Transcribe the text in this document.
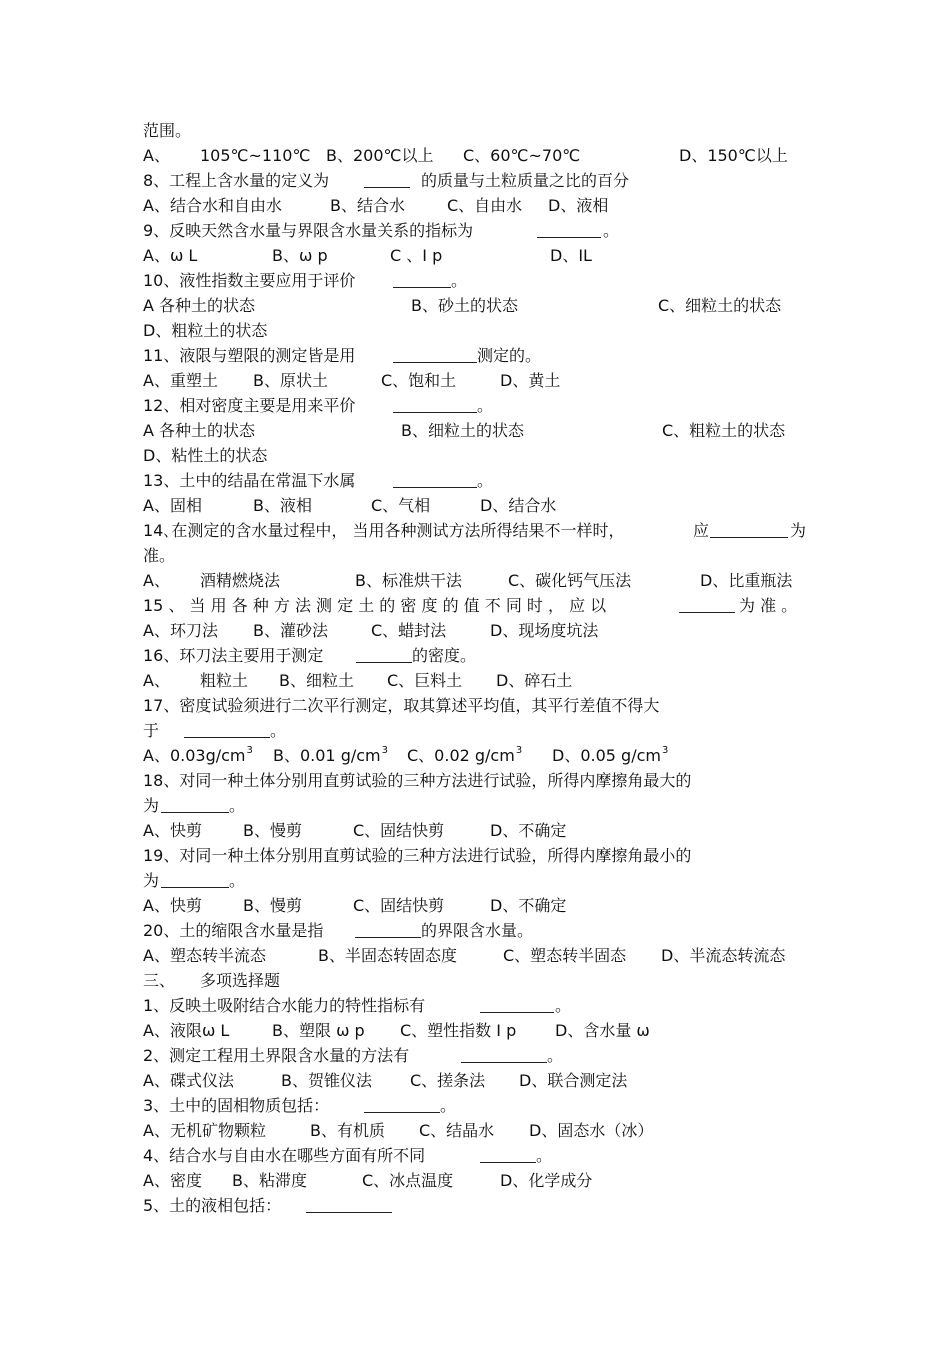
范围。
A、 105℃~110℃ B、200℃以上 C、60℃~70℃	D、150℃以上
8、工程上含水量的定义为	的质量与土粒质量之比的百分
A、结合水和自由水	B、结合水	C、自由水 D、液相
9、反映天然含水量与界限含水量关系的指标为	。
A、ω L	B、ω p	C 、I p	D、IL
10、液性指数主要应用于评价	。
A 各种土的状态	B、砂土的状态	C、细粒土的状态
D、粗粒土的状态
11、液限与塑限的测定皆是用	测定的。
A、重塑土 B、原状土	C、饱和土	D、黄土
12、相对密度主要是用来平价	。
A 各种土的状态	B、细粒土的状态	C、粗粒土的状态
D、粘性土的状态
13、土中的结晶在常温下水属	。
A、固相	B、液相	C、气相	D、结合水
14､在测定的含水量过程中， 当用各种测试方法所得结果不一样时，	应	为
准。
A、 酒精燃烧法	B、标准烘干法	C、碳化钙气压法	D、比重瓶法
15 、 当 用 各 种 方 法 测 定 土 的 密 度 的 值 不 同 时 ， 应 以	为 准 。
A、环刀法 B、灌砂法	C、蜡封法	D、现场度坑法
16、环刀法主要用于测定	的密度。
A、 粗粒土 B、细粒土 C、巨料土 D、碎石土
17、密度试验须进行二次平行测定，取其算述平均值，其平行差值不得大
于	。
A、$0.03g/cm^3$ B、0.01 $g/cm^3$ C、0.02 $g/cm^3$ D、0.05 $g/cm^3$
18、对同一种土体分别用直剪试验的三种方法进行试验，所得内摩擦角最大的
为	。
A、快剪	B、慢剪	C、固结快剪	D、不确定
19、对同一种土体分别用直剪试验的三种方法进行试验，所得内摩擦角最小的
为	。
A、快剪	B、慢剪	C、固结快剪	D、不确定
20、土的缩限含水量是指	的界限含水量。
A、塑态转半流态	B、半固态转固态度	C、塑态转半固态 D、半流态转流态
三、 多项选择题
1、反映土吸附结合水能力的特性指标有	。
A、液限ω L	B、塑限 ω p C、塑性指数 I p D、含水量 ω
2、测定工程用土界限含水量的方法有	。
A、碟式仪法	B、贺锥仪法 C、搓条法 D、联合测定法
3、土中的固相物质包括：	。
A、无机矿物颗粒	B、有机质 C、结晶水 D、固态水（冰）
4、结合水与自由水在哪些方面有所不同	。
A、密度 B、粘滞度	C、冰点温度	D、化学成分
5、土的液相包括：
